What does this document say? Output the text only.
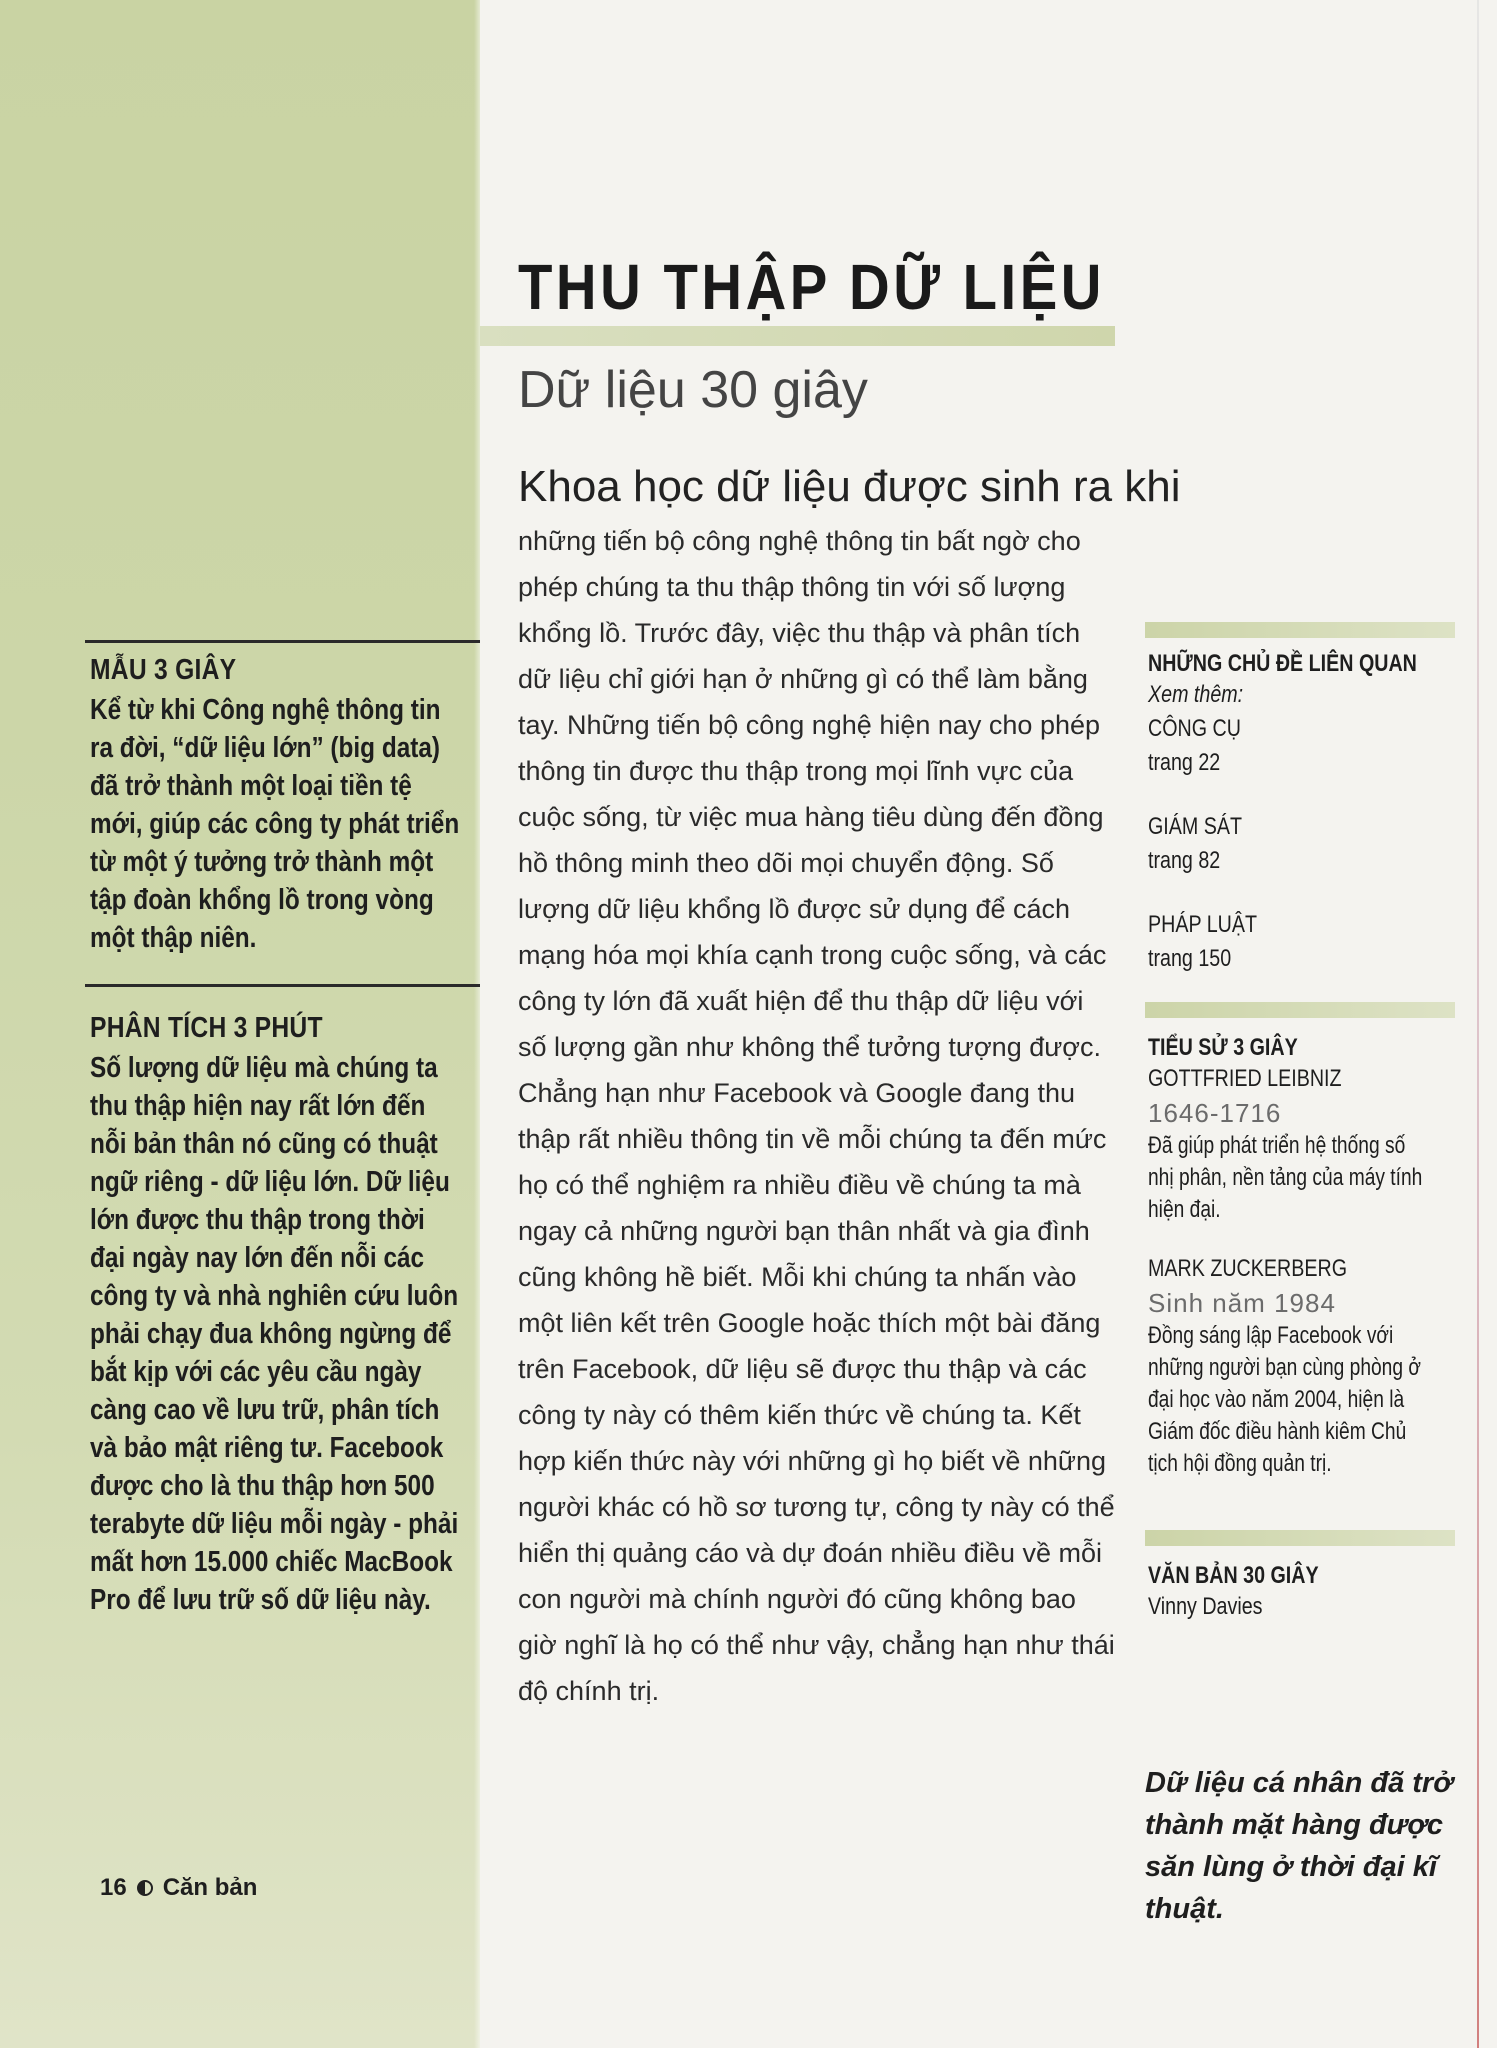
MẪU 3 GIÂY

Kể từ khi Công nghệ thông tin ra đời, “dữ liệu lớn” (big data) đã trở thành một loại tiền tệ mới, giúp các công ty phát triển từ một ý tưởng trở thành một tập đoàn khổng lồ trong vòng một thập niên.

PHÂN TÍCH 3 PHÚT

Số lượng dữ liệu mà chúng ta thu thập hiện nay rất lớn đến nỗi bản thân nó cũng có thuật ngữ riêng - dữ liệu lớn. Dữ liệu lớn được thu thập trong thời đại ngày nay lớn đến nỗi các công ty và nhà nghiên cứu luôn phải chạy đua không ngừng để bắt kịp với các yêu cầu ngày càng cao về lưu trữ, phân tích và bảo mật riêng tư. Facebook được cho là thu thập hơn 500 terabyte dữ liệu mỗi ngày - phải mất hơn 15.000 chiếc MacBook Pro để lưu trữ số dữ liệu này.

THU THẬP DỮ LIỆU
Dữ liệu 30 giây

Khoa học dữ liệu được sinh ra khi

những tiến bộ công nghệ thông tin bất ngờ cho phép chúng ta thu thập thông tin với số lượng khổng lồ. Trước đây, việc thu thập và phân tích dữ liệu chỉ giới hạn ở những gì có thể làm bằng tay. Những tiến bộ công nghệ hiện nay cho phép thông tin được thu thập trong mọi lĩnh vực của cuộc sống, từ việc mua hàng tiêu dùng đến đồng hồ thông minh theo dõi mọi chuyển động. Số lượng dữ liệu khổng lồ được sử dụng để cách mạng hóa mọi khía cạnh trong cuộc sống, và các công ty lớn đã xuất hiện để thu thập dữ liệu với số lượng gần như không thể tưởng tượng được. Chẳng hạn như Facebook và Google đang thu thập rất nhiều thông tin về mỗi chúng ta đến mức họ có thể nghiệm ra nhiều điều về chúng ta mà ngay cả những người bạn thân nhất và gia đình cũng không hề biết. Mỗi khi chúng ta nhấn vào một liên kết trên Google hoặc thích một bài đăng trên Facebook, dữ liệu sẽ được thu thập và các công ty này có thêm kiến thức về chúng ta. Kết hợp kiến thức này với những gì họ biết về những người khác có hồ sơ tương tự, công ty này có thể hiển thị quảng cáo và dự đoán nhiều điều về mỗi con người mà chính người đó cũng không bao giờ nghĩ là họ có thể như vậy, chẳng hạn như thái độ chính trị.

NHỮNG CHỦ ĐỀ LIÊN QUAN

Xem thêm:

CÔNG CỤ

trang 22

GIÁM SÁT

trang 82

PHÁP LUẬT

trang 150

TIỂU SỬ 3 GIÂY

GOTTFRIED LEIBNIZ

1646-1716

Đã giúp phát triển hệ thống số nhị phân, nền tảng của máy tính hiện đại.

MARK ZUCKERBERG

Sinh năm 1984

Đồng sáng lập Facebook với những người bạn cùng phòng ở đại học vào năm 2004, hiện là Giám đốc điều hành kiêm Chủ tịch hội đồng quản trị.

VĂN BẢN 30 GIÂY

Vinny Davies

Dữ liệu cá nhân đã trở thành mặt hàng được săn lùng ở thời đại kĩ thuật.

16 Căn bản
